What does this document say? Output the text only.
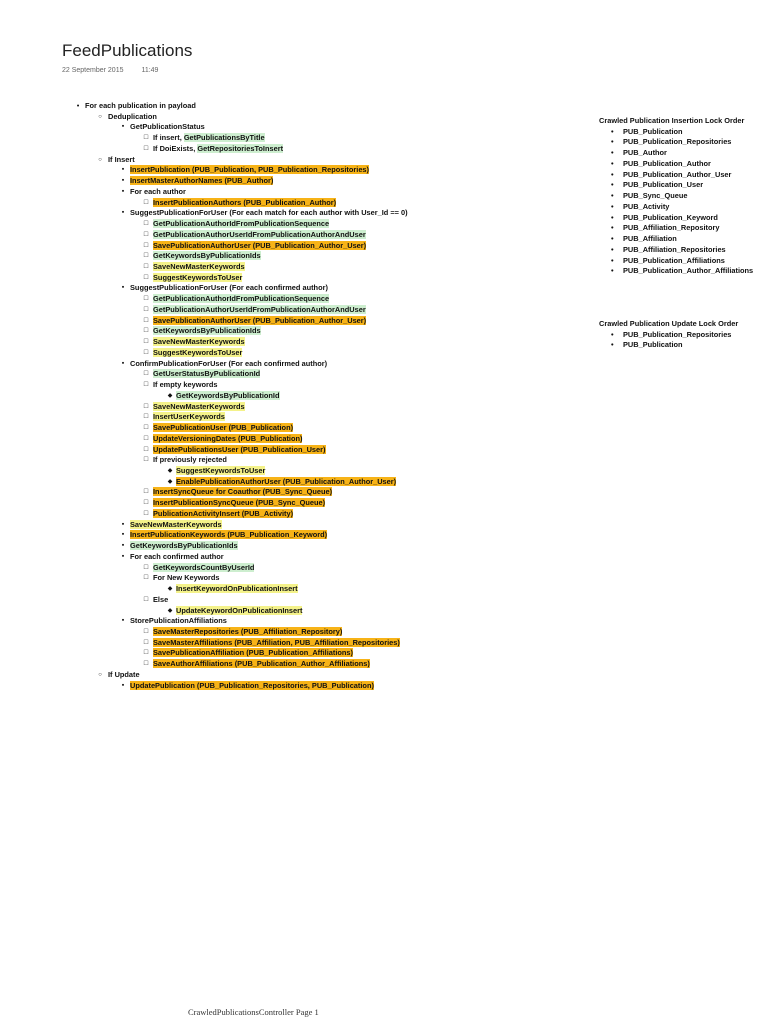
FeedPublications
22 September 2015	11:49
• For each publication in payload
○ Deduplication
▪ GetPublicationStatus
□ If insert, GetPublicationsByTitle
□ If DoiExists, GetRepositoriesToInsert
○ If Insert
▪ InsertPublication (PUB_Publication, PUB_Publication_Repositories)
▪ InsertMasterAuthorNames (PUB_Author)
▪ For each author
□ InsertPublicationAuthors (PUB_Publication_Author)
▪ SuggestPublicationForUser (For each match for each author with User_Id == 0)
□ GetPublicationAuthorIdFromPublicationSequence
□ GetPublicationAuthorUserIdFromPublicationAuthorAndUser
□ SavePublicationAuthorUser (PUB_Publication_Author_User)
□ GetKeywordsByPublicationIds
□ SaveNewMasterKeywords
□ SuggestKeywordsToUser
▪ SuggestPublicationForUser (For each confirmed author)
□ GetPublicationAuthorIdFromPublicationSequence
□ GetPublicationAuthorUserIdFromPublicationAuthorAndUser
□ SavePublicationAuthorUser (PUB_Publication_Author_User)
□ GetKeywordsByPublicationIds
□ SaveNewMasterKeywords
□ SuggestKeywordsToUser
▪ ConfirmPublicationForUser (For each confirmed author)
□ GetUserStatusByPublicationId
□ If empty keywords
◆ GetKeywordsByPublicationId
□ SaveNewMasterKeywords
□ InsertUserKeywords
□ SavePublicationUser (PUB_Publication)
□ UpdateVersioningDates (PUB_Publication)
□ UpdatePublicationsUser (PUB_Publication_User)
□ If previously rejected
◆ SuggestKeywordsToUser
◆ EnablePublicationAuthorUser (PUB_Publication_Author_User)
□ InsertSyncQueue for Coauthor (PUB_Sync_Queue)
□ InsertPublicationSyncQueue (PUB_Sync_Queue)
□ PublicationActivityInsert (PUB_Activity)
▪ SaveNewMasterKeywords
▪ InsertPublicationKeywords (PUB_Publication_Keyword)
▪ GetKeywordsByPublicationIds
▪ For each confirmed author
□ GetKeywordsCountByUserId
□ For New Keywords
◆ InsertKeywordOnPublicationInsert
□ Else
◆ UpdateKeywordOnPublicationInsert
▪ StorePublicationAffiliations
□ SaveMasterRepositories (PUB_Affiliation_Repository)
□ SaveMasterAffiliations (PUB_Affiliation, PUB_Affiliation_Repositories)
□ SavePublicationAffiliation (PUB_Publication_Affiliations)
□ SaveAuthorAffiliations (PUB_Publication_Author_Affiliations)
○ If Update
▪ UpdatePublication (PUB_Publication_Repositories, PUB_Publication)
Crawled Publication Insertion Lock Order
• PUB_Publication
• PUB_Publication_Repositories
• PUB_Author
• PUB_Publication_Author
• PUB_Publication_Author_User
• PUB_Publication_User
• PUB_Sync_Queue
• PUB_Activity
• PUB_Publication_Keyword
• PUB_Affiliation_Repository
• PUB_Affiliation
• PUB_Affiliation_Repositories
• PUB_Publication_Affiliations
• PUB_Publication_Author_Affiliations
Crawled Publication Update Lock Order
• PUB_Publication_Repositories
• PUB_Publication
CrawledPublicationsController Page 1
